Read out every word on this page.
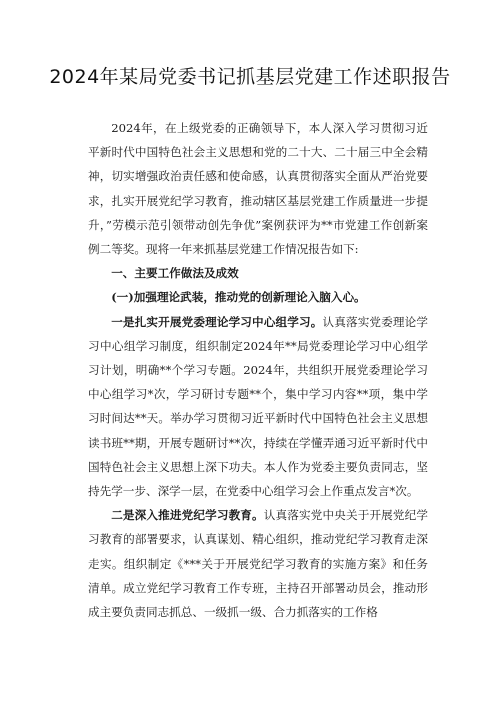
2024年某局党委书记抓基层党建工作述职报告

2024年，在上级党委的正确领导下，本人深入学习贯彻习近平新时代中国特色社会主义思想和党的二十大、二十届三中全会精神，切实增强政治责任感和使命感，认真贯彻落实全面从严治党要求，扎实开展党纪学习教育，推动辖区基层党建工作质量进一步提升，”劳模示范引领带动创先争优”案例获评为**市党建工作创新案例二等奖。现将一年来抓基层党建工作情况报告如下:

一、主要工作做法及成效

(一)加强理论武装，推动党的创新理论入脑入心。

一是扎实开展党委理论学习中心组学习。认真落实党委理论学习中心组学习制度，组织制定2024年**局党委理论学习中心组学习计划，明确**个学习专题。2024年，共组织开展党委理论学习中心组学习*次，学习研讨专题**个，集中学习内容**项，集中学习时间达**天。举办学习贯彻习近平新时代中国特色社会主义思想读书班**期，开展专题研讨**次，持续在学懂弄通习近平新时代中国特色社会主义思想上深下功夫。本人作为党委主要负责同志，坚持先学一步、深学一层，在党委中心组学习会上作重点发言*次。

二是深入推进党纪学习教育。认真落实党中央关于开展党纪学习教育的部署要求，认真谋划、精心组织，推动党纪学习教育走深走实。组织制定《***关于开展党纪学习教育的实施方案》和任务清单。成立党纪学习教育工作专班，主持召开部署动员会，推动形成主要负责同志抓总、一级抓一级、合力抓落实的工作格
